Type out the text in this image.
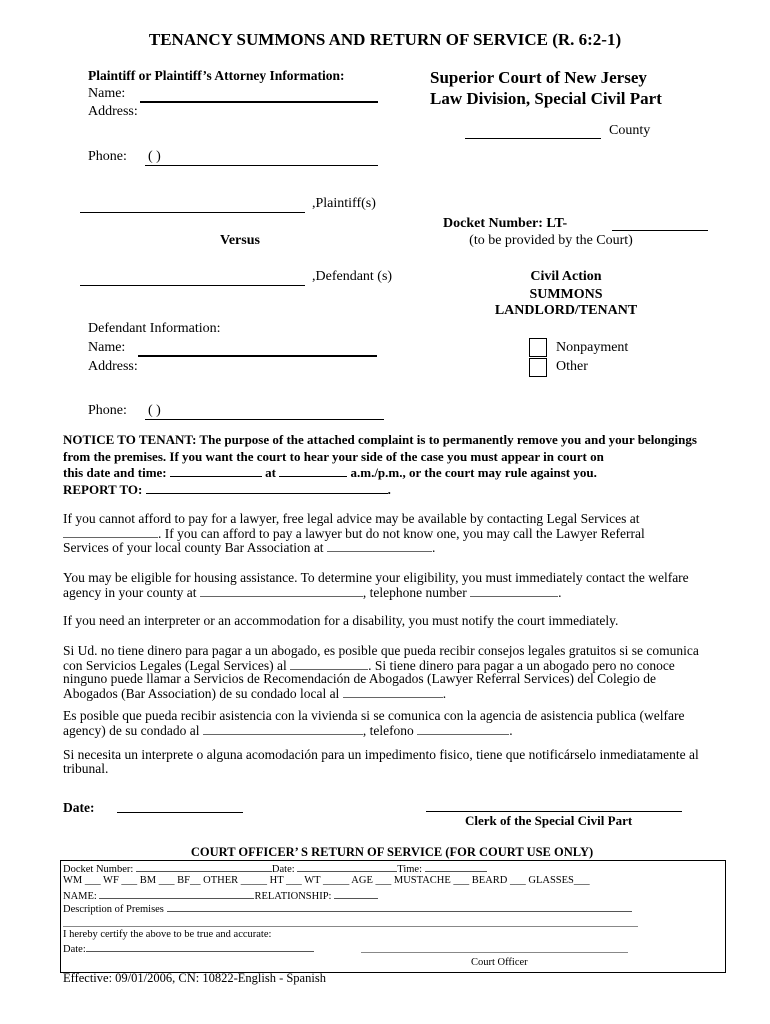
TENANCY SUMMONS AND RETURN OF SERVICE (R. 6:2-1)
Plaintiff or Plaintiff’s Attorney Information:
Name:
Address:
Phone: ( )
Superior Court of New Jersey
Law Division, Special Civil Part
County
,Plaintiff(s)
Versus
,Defendant (s)
Docket Number: LT-
(to be provided by the Court)
Civil Action
SUMMONS
LANDLORD/TENANT
Nonpayment
Other
Defendant Information:
Name:
Address:
Phone: ( )
NOTICE TO TENANT: The purpose of the attached complaint is to permanently remove you and your belongings from the premises. If you want the court to hear your side of the case you must appear in court on
this date and time:	at	a.m./p.m., or the court may rule against you.
REPORT TO:	.
If you cannot afford to pay for a lawyer, free legal advice may be available by contacting Legal Services at
. If you can afford to pay a lawyer but do not know one, you may call the Lawyer Referral
Services of your local county Bar Association at	.
You may be eligible for housing assistance. To determine your eligibility, you must immediately contact the welfare
agency in your county at	, telephone number	.
If you need an interpreter or an accommodation for a disability, you must notify the court immediately.
Si Ud. no tiene dinero para pagar a un abogado, es posible que pueda recibir consejos legales gratuitos si se comunica
con Servicios Legales (Legal Services) al	. Si tiene dinero para pagar a un abogado pero no conoce
ninguno puede llamar a Servicios de Recomendación de Abogados (Lawyer Referral Services) del Colegio de
Abogados (Bar Association) de su condado local al	.
Es posible que pueda recibir asistencia con la vivienda si se comunica con la agencia de asistencia publica (welfare
agency) de su condado al	, telefono	.
Si necesita un interprete o alguna acomodación para un impedimento fisico, tiene que notificárselo inmediatamente al tribunal.
Date:
Clerk of the Special Civil Part
COURT OFFICER’ S RETURN OF SERVICE (FOR COURT USE ONLY)
Docket Number:	Date:	Time:
WM ___ WF ___ BM ___ BF__ OTHER _____ HT ___ WT _____ AGE ___ MUSTACHE ___ BEARD ___ GLASSES___
NAME:	RELATIONSHIP:
Description of Premises
I hereby certify the above to be true and accurate:
Date:
Court Officer
Effective: 09/01/2006, CN: 10822-English - Spanish
